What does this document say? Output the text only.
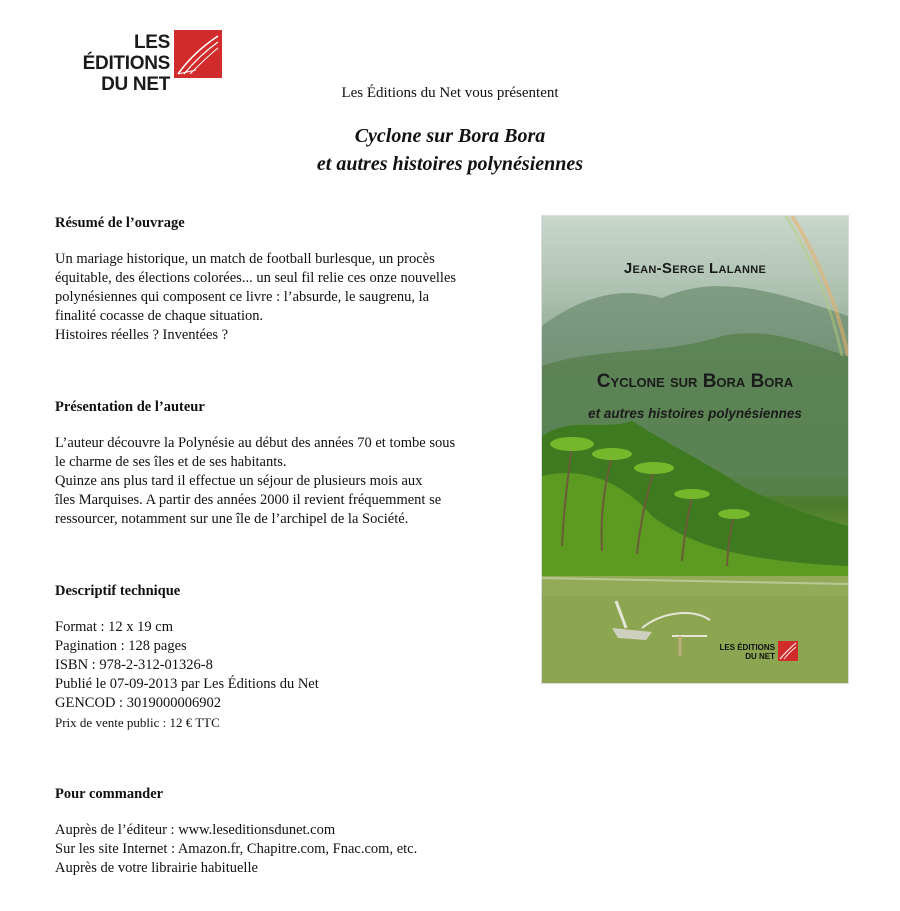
LES ÉDITIONS
DU NET	Les Éditions du Net vous présentent
Cyclone sur Bora Bora
et autres histoires polynésiennes
Résumé de l’ouvrage

Un mariage historique, un match de football burlesque, un procès
équitable, des élections colorées... un seul fil relie ces onze nouvelles
polynésiennes qui composent ce livre : l’absurde, le saugrenu, la
finalité cocasse de chaque situation.
Histoires réelles ? Inventées ?

Présentation de l’auteur

L’auteur découvre la Polynésie au début des années 70 et tombe sous
le charme de ses îles et de ses habitants.
Quinze ans plus tard il effectue un séjour de plusieurs mois aux
îles Marquises. A partir des années 2000 il revient fréquemment se
ressourcer, notamment sur une île de l’archipel de la Société.

Descriptif technique

Format : 12 x 19 cm

Pagination : 128 pages

ISBN : 978-2-312-01326-8

Publié le 07-09-2013 par Les Éditions du Net

GENCOD : 3019000006902

Prix de vente public : 12 € TTC

Pour commander

Auprès de l’éditeur : www.leseditionsdunet.com

Sur les site Internet : Amazon.fr, Chapitre.com, Fnac.com, etc.

Auprès de votre librairie habituelle

Jean-Serge Lalanne
Cyclone sur Bora Bora
et autres histoires polynésiennes
LES ÉDITIONS
DU NET
